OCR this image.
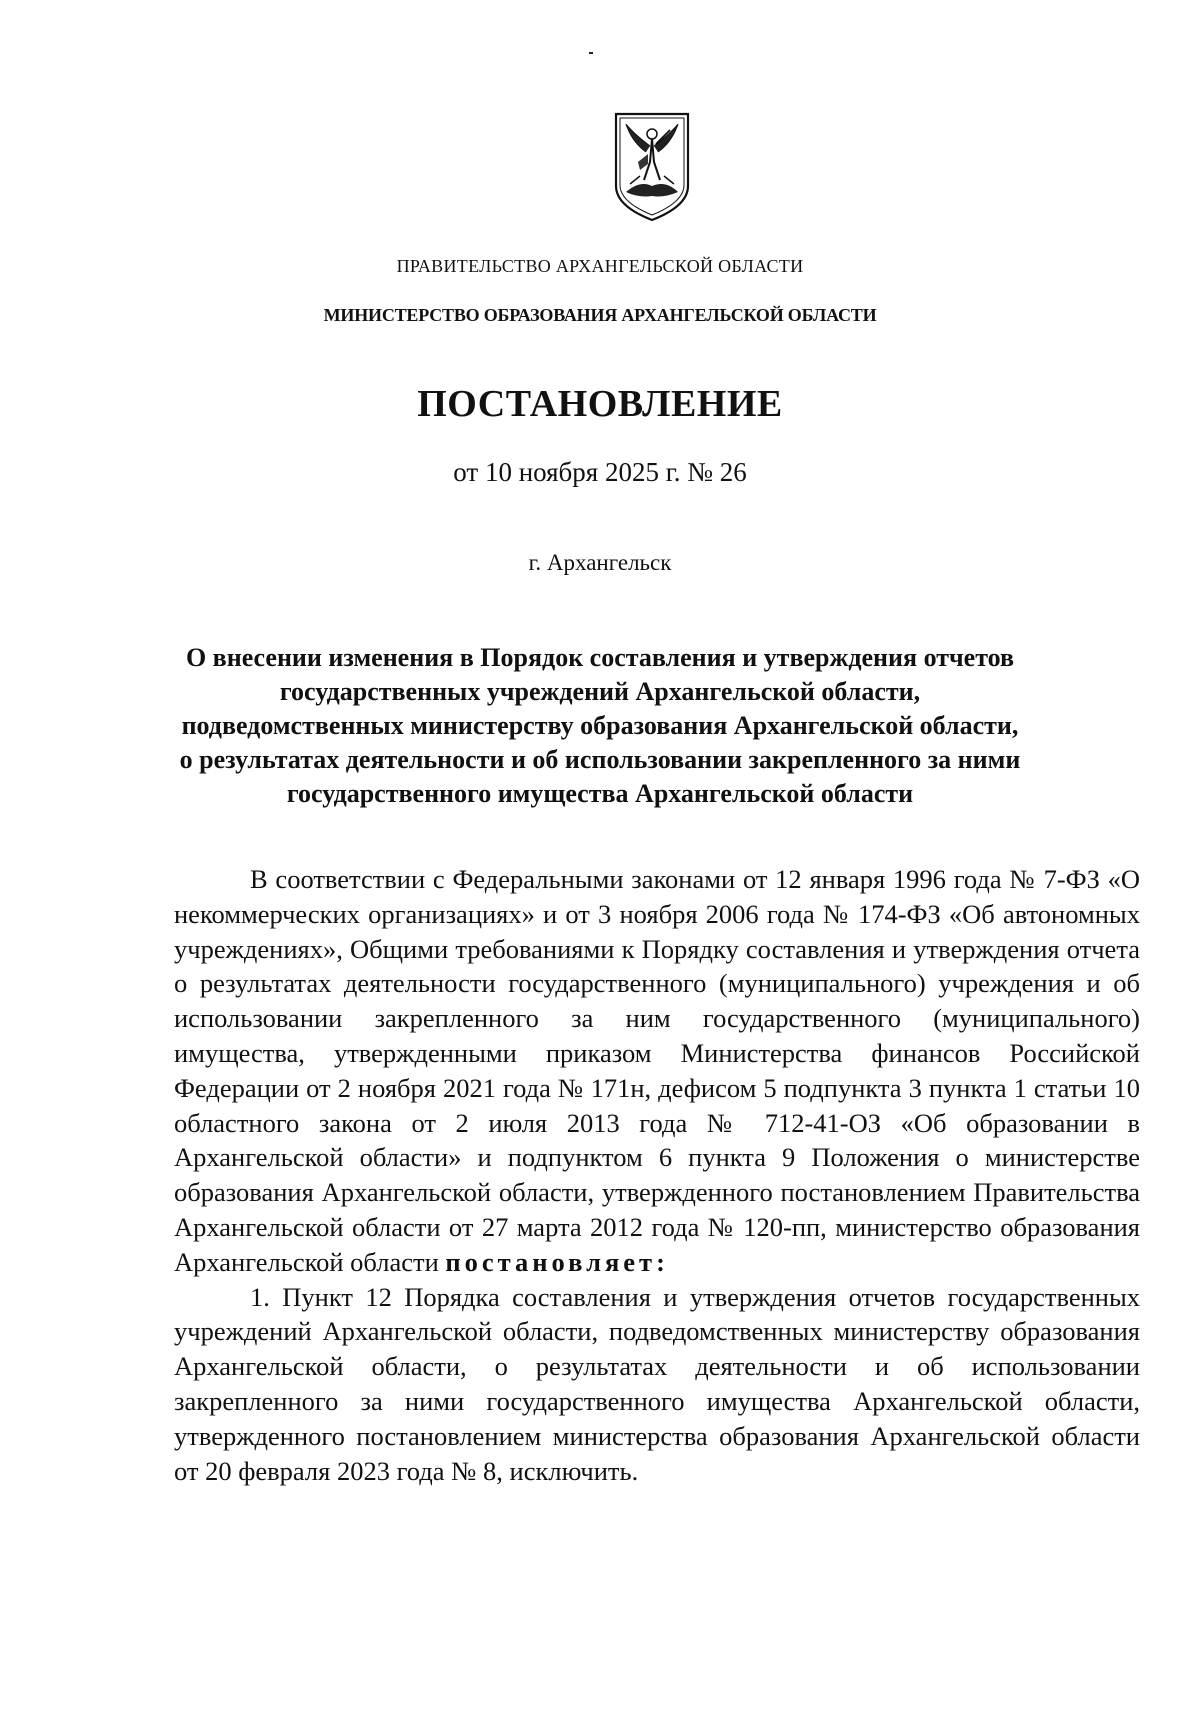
ПРАВИТЕЛЬСТВО АРХАНГЕЛЬСКОЙ ОБЛАСТИ
МИНИСТЕРСТВО ОБРАЗОВАНИЯ АРХАНГЕЛЬСКОЙ ОБЛАСТИ
ПОСТАНОВЛЕНИЕ
от 10 ноября 2025 г. № 26
г. Архангельск
О внесении изменения в Порядок составления и утверждения отчетов
государственных учреждений Архангельской области,
подведомственных министерству образования Архангельской области,
о результатах деятельности и об использовании закрепленного за ними
государственного имущества Архангельской области

В соответствии с Федеральными законами от 12 января 1996 года № 7-ФЗ «О некоммерческих организациях» и от 3 ноября 2006 года № 174-ФЗ «Об автономных учреждениях», Общими требованиями к Порядку составления и утверждения отчета о результатах деятельности государственного (муниципального) учреждения и об использовании закрепленного за ним государственного (муниципального) имущества, утвержденными приказом Министерства финансов Российской Федерации от 2 ноября 2021 года № 171н, дефисом 5 подпункта 3 пункта 1 статьи 10 областного закона от 2 июля 2013 года № 712-41-ОЗ «Об образовании в Архангельской области» и подпунктом 6 пункта 9 Положения о министерстве образования Архангельской области, утвержденного постановлением Правительства Архангельской области от 27 марта 2012 года № 120-пп, министерство образования Архангельской области постановляет:

1. Пункт 12 Порядка составления и утверждения отчетов государственных учреждений Архангельской области, подведомственных министерству образования Архангельской области, о результатах деятельности и об использовании закрепленного за ними государственного имущества Архангельской области, утвержденного постановлением министерства образования Архангельской области от 20 февраля 2023 года № 8, исключить.
